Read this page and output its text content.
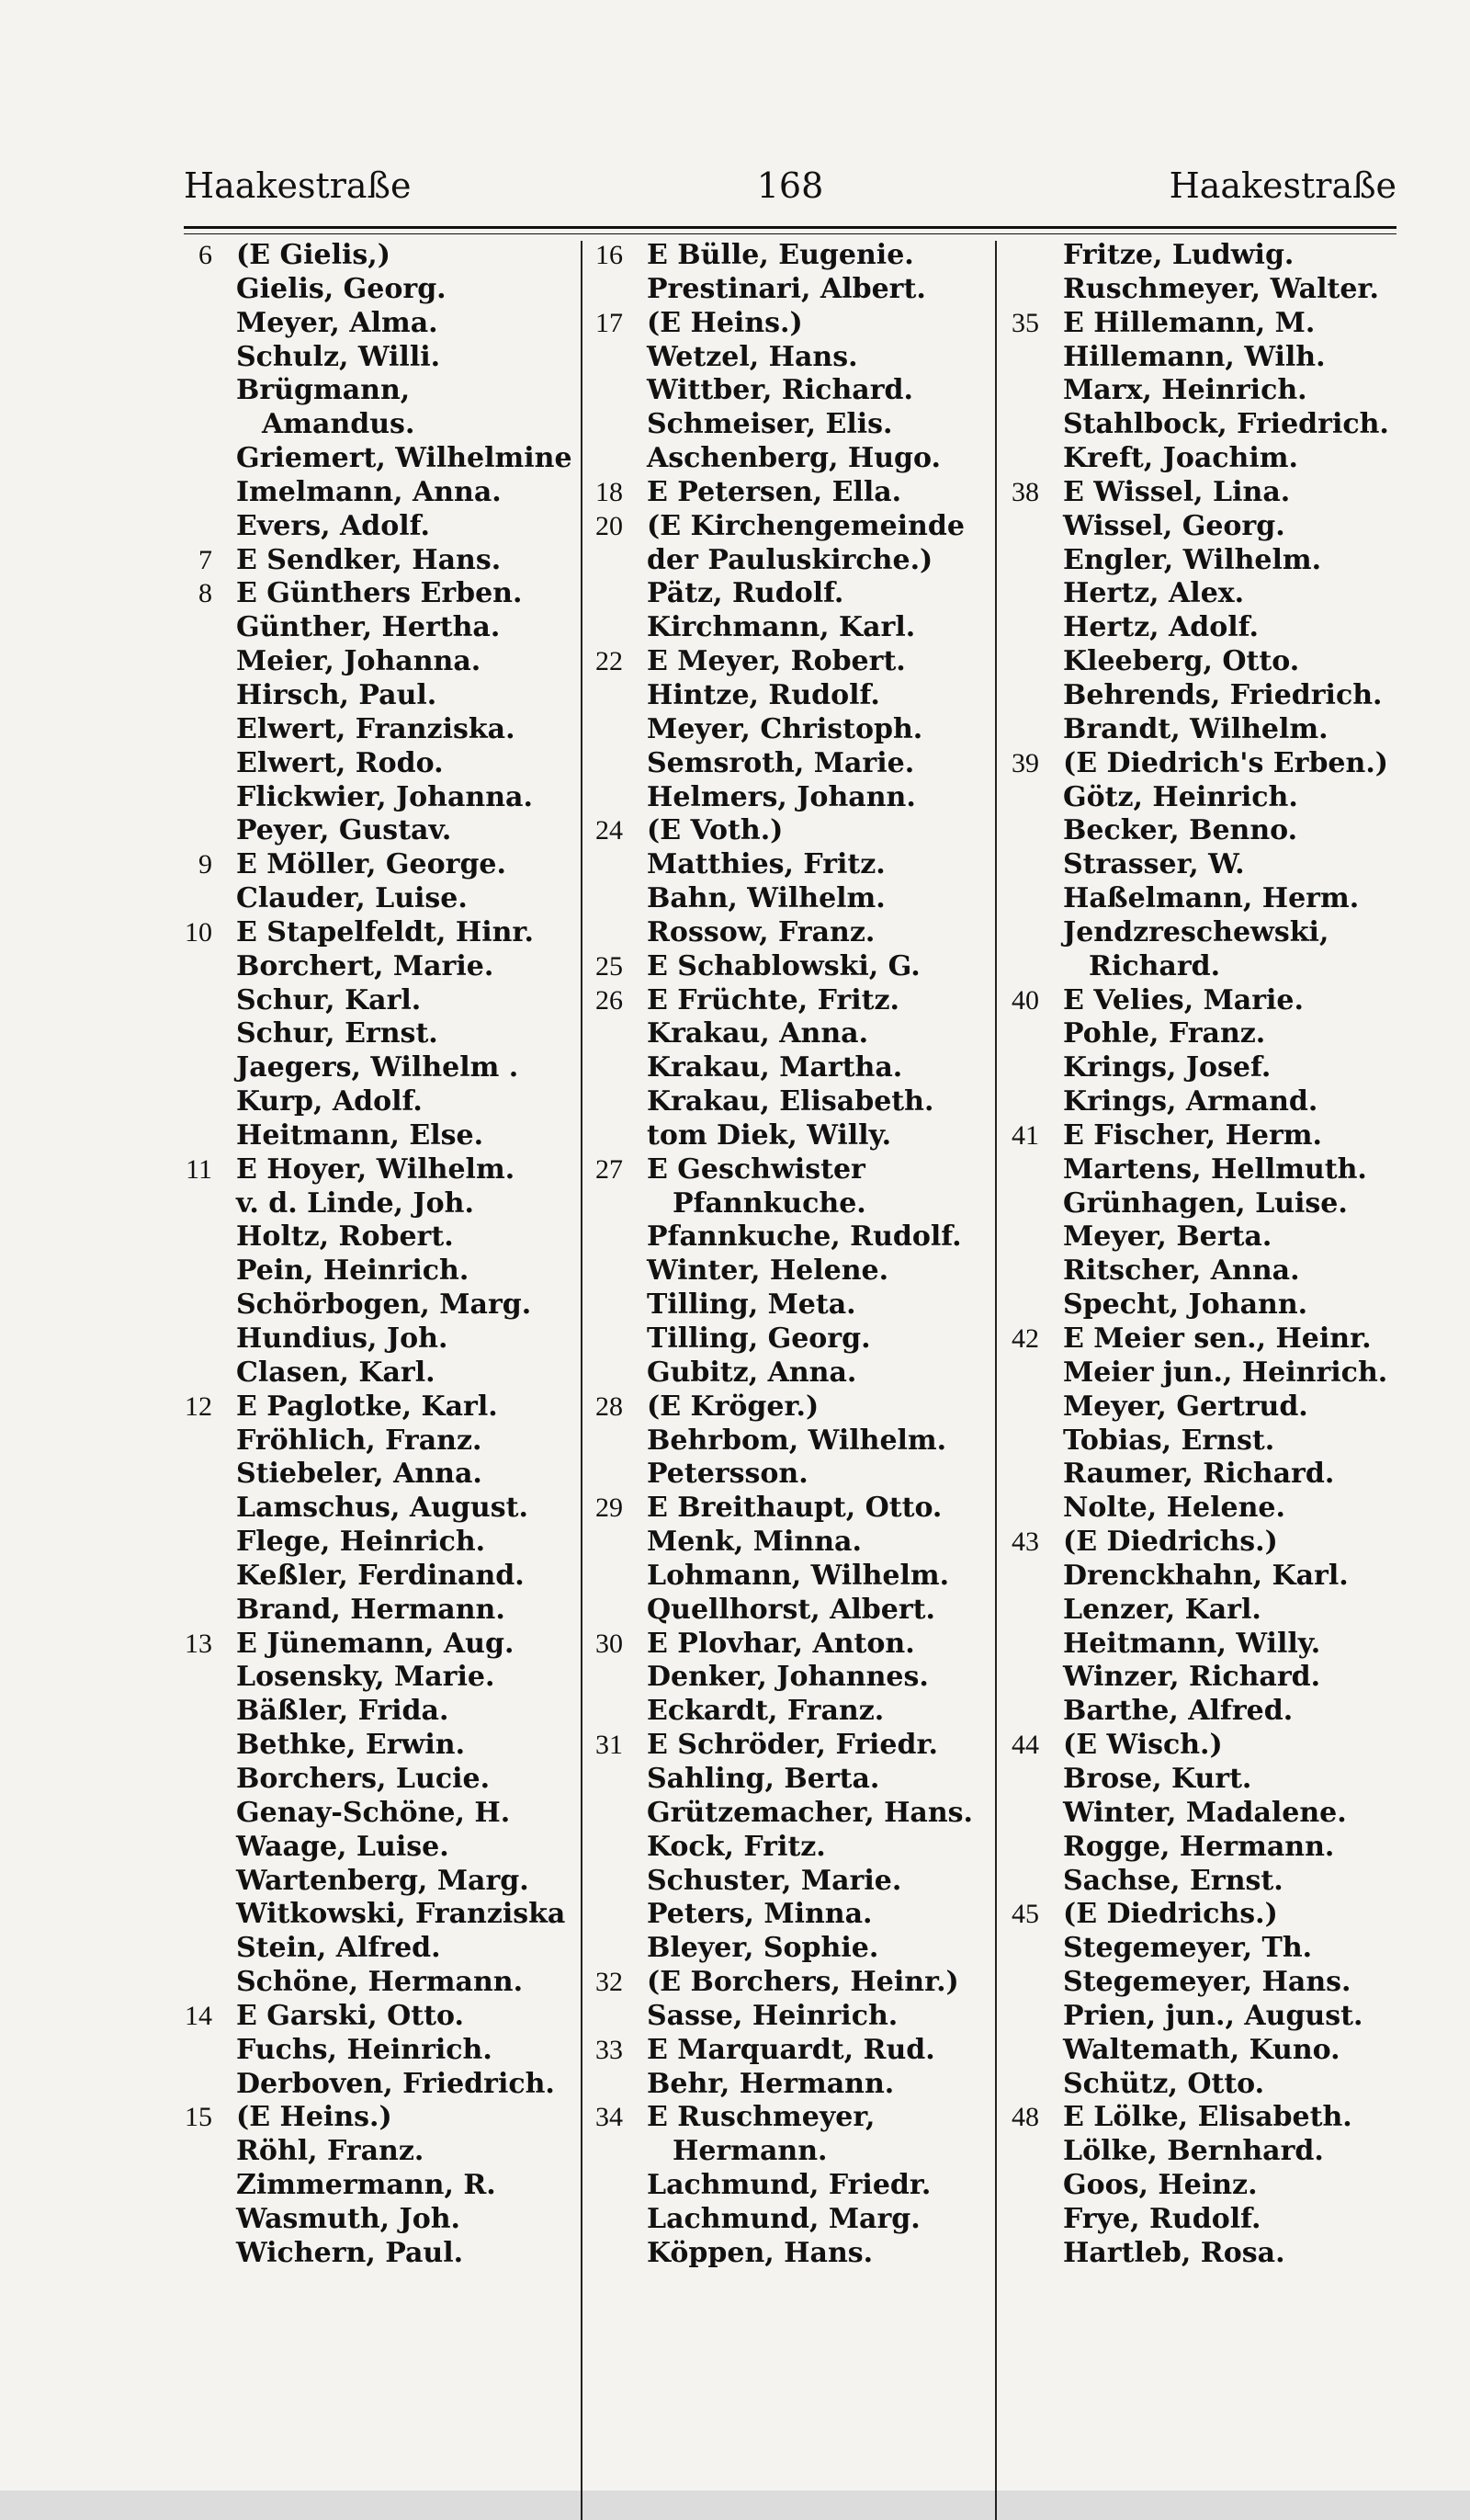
Haakestraße	168	Haakestraße
6 (E Gielis,)
Gielis, Georg.
Meyer, Alma.
Schulz, Willi.
Brügmann,
Amandus.
Griemert, Wilhelmine
Imelmann, Anna.
Evers, Adolf.
7 E Sendker, Hans.
8 E Günthers Erben.
Günther, Hertha.
Meier, Johanna.
Hirsch, Paul.
Elwert, Franziska.
Elwert, Rodo.
Flickwier, Johanna.
Peyer, Gustav.
9 E Möller, George.
Clauder, Luise.
10 E Stapelfeldt, Hinr.
Borchert, Marie.
Schur, Karl.
Schur, Ernst.
Jaegers, Wilhelm .
Kurp, Adolf.
Heitmann, Else.
11 E Hoyer, Wilhelm.
v. d. Linde, Joh.
Holtz, Robert.
Pein, Heinrich.
Schörbogen, Marg.
Hundius, Joh.
Clasen, Karl.
12 E Paglotke, Karl.
Fröhlich, Franz.
Stiebeler, Anna.
Lamschus, August.
Flege, Heinrich.
Keßler, Ferdinand.
Brand, Hermann.
13 E Jünemann, Aug.
Losensky, Marie.
Bäßler, Frida.
Bethke, Erwin.
Borchers, Lucie.
Genay-Schöne, H.
Waage, Luise.
Wartenberg, Marg.
Witkowski, Franziska
Stein, Alfred.
Schöne, Hermann.
14 E Garski, Otto.
Fuchs, Heinrich.
Derboven, Friedrich.
15 (E Heins.)
Röhl, Franz.
Zimmermann, R.
Wasmuth, Joh.
Wichern, Paul.
16 E Bülle, Eugenie.
Prestinari, Albert.
17 (E Heins.)
Wetzel, Hans.
Wittber, Richard.
Schmeiser, Elis.
Aschenberg, Hugo.
18 E Petersen, Ella.
20 (E Kirchengemeinde
der Pauluskirche.)
Pätz, Rudolf.
Kirchmann, Karl.
22 E Meyer, Robert.
Hintze, Rudolf.
Meyer, Christoph.
Semsroth, Marie.
Helmers, Johann.
24 (E Voth.)
Matthies, Fritz.
Bahn, Wilhelm.
Rossow, Franz.
25 E Schablowski, G.
26 E Früchte, Fritz.
Krakau, Anna.
Krakau, Martha.
Krakau, Elisabeth.
tom Diek, Willy.
27 E Geschwister
Pfannkuche.
Pfannkuche, Rudolf.
Winter, Helene.
Tilling, Meta.
Tilling, Georg.
Gubitz, Anna.
28 (E Kröger.)
Behrbom, Wilhelm.
Petersson.
29 E Breithaupt, Otto.
Menk, Minna.
Lohmann, Wilhelm.
Quellhorst, Albert.
30 E Plovhar, Anton.
Denker, Johannes.
Eckardt, Franz.
31 E Schröder, Friedr.
Sahling, Berta.
Grützemacher, Hans.
Kock, Fritz.
Schuster, Marie.
Peters, Minna.
Bleyer, Sophie.
32 (E Borchers, Heinr.)
Sasse, Heinrich.
33 E Marquardt, Rud.
Behr, Hermann.
34 E Ruschmeyer,
Hermann.
Lachmund, Friedr.
Lachmund, Marg.
Köppen, Hans.
Fritze, Ludwig.
Ruschmeyer, Walter.
35 E Hillemann, M.
Hillemann, Wilh.
Marx, Heinrich.
Stahlbock, Friedrich.
Kreft, Joachim.
38 E Wissel, Lina.
Wissel, Georg.
Engler, Wilhelm.
Hertz, Alex.
Hertz, Adolf.
Kleeberg, Otto.
Behrends, Friedrich.
Brandt, Wilhelm.
39 (E Diedrich's Erben.)
Götz, Heinrich.
Becker, Benno.
Strasser, W.
Haßelmann, Herm.
Jendzreschewski,
Richard.
40 E Velies, Marie.
Pohle, Franz.
Krings, Josef.
Krings, Armand.
41 E Fischer, Herm.
Martens, Hellmuth.
Grünhagen, Luise.
Meyer, Berta.
Ritscher, Anna.
Specht, Johann.
42 E Meier sen., Heinr.
Meier jun., Heinrich.
Meyer, Gertrud.
Tobias, Ernst.
Raumer, Richard.
Nolte, Helene.
43 (E Diedrichs.)
Drenckhahn, Karl.
Lenzer, Karl.
Heitmann, Willy.
Winzer, Richard.
Barthe, Alfred.
44 (E Wisch.)
Brose, Kurt.
Winter, Madalene.
Rogge, Hermann.
Sachse, Ernst.
45 (E Diedrichs.)
Stegemeyer, Th.
Stegemeyer, Hans.
Prien, jun., August.
Waltemath, Kuno.
Schütz, Otto.
48 E Lölke, Elisabeth.
Lölke, Bernhard.
Goos, Heinz.
Frye, Rudolf.
Hartleb, Rosa.
